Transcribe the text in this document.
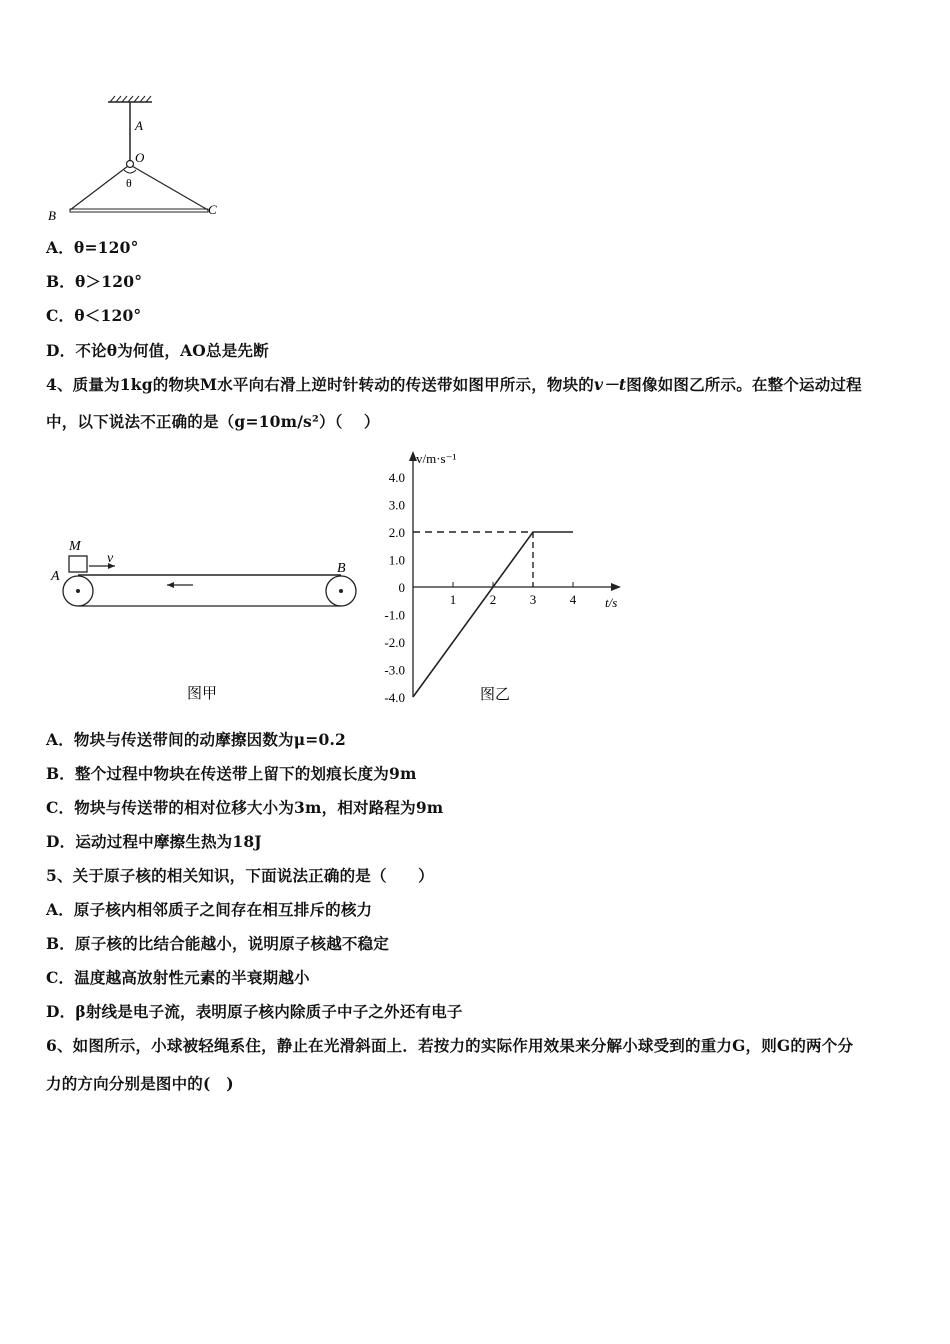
A
O
θ
B	C
A．θ=120°
B．θ＞120°
C．θ＜120°
D．不论θ为何值，AO总是先断
4、质量为1kg的物块M水平向右滑上逆时针转动的传送带如图甲所示，物块的v－t图像如图乙所示。在整个运动过程
中，以下说法不正确的是（g=10m/s²）（　 ）
M
v
A
B
图甲
v/m·s⁻¹
t/s
4.0
3.0
2.0
1.0
0
-1.0
-2.0
-3.0
-4.0
1	2	3	4
图乙
A．物块与传送带间的动摩擦因数为μ=0.2
B．整个过程中物块在传送带上留下的划痕长度为9m
C．物块与传送带的相对位移大小为3m，相对路程为9m
D．运动过程中摩擦生热为18J
5、关于原子核的相关知识，下面说法正确的是（　　）
A．原子核内相邻质子之间存在相互排斥的核力
B．原子核的比结合能越小，说明原子核越不稳定
C．温度越高放射性元素的半衰期越小
D．β射线是电子流，表明原子核内除质子中子之外还有电子
6、如图所示，小球被轻绳系住，静止在光滑斜面上．若按力的实际作用效果来分解小球受到的重力G，则G的两个分
力的方向分别是图中的(　)
